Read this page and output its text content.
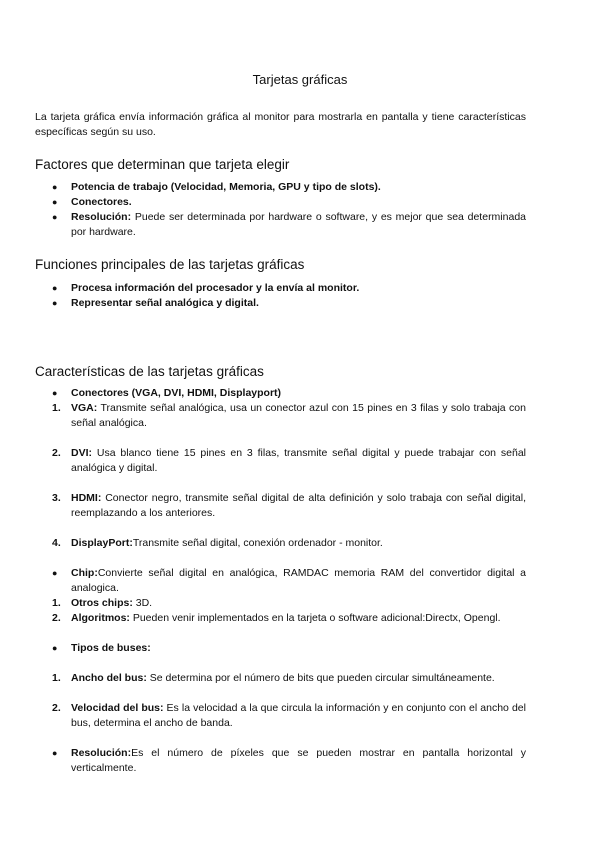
Tarjetas gráficas

La tarjeta gráfica envía información gráfica al monitor para mostrarla en pantalla y tiene características específicas según su uso.

Factores que determinan que tarjeta elegir
●	Potencia de trabajo (Velocidad, Memoria, GPU y tipo de slots).
●	Conectores.
●	Resolución: Puede ser determinada por hardware o software, y es mejor que sea determinada por hardware.
Funciones principales de las tarjetas gráficas
●	Procesa información del procesador y la envía al monitor.
●	Representar señal analógica y digital.
Características de las tarjetas gráficas
●	Conectores (VGA, DVI, HDMI, Displayport)
1. VGA: Transmite señal analógica, usa un conector azul con 15 pines en 3 filas y solo trabaja con señal analógica.
2. DVI: Usa blanco tiene 15 pines en 3 filas, transmite señal digital y puede trabajar con señal analógica y digital.
3. HDMI: Conector negro, transmite señal digital de alta definición y solo trabaja con señal digital, reemplazando a los anteriores.
4. DisplayPort:Transmite señal digital, conexión ordenador - monitor.
●	Chip:Convierte señal digital en analógica, RAMDAC memoria RAM del convertidor digital a analogica.
1. Otros chips: 3D.
2. Algoritmos: Pueden venir implementados en la tarjeta o software adicional:Directx, Opengl.
●	Tipos de buses:
1. Ancho del bus: Se determina por el número de bits que pueden circular simultáneamente.
2. Velocidad del bus: Es la velocidad a la que circula la información y en conjunto con el ancho del bus, determina el ancho de banda.
●	Resolución:Es el número de píxeles que se pueden mostrar en pantalla horizontal y verticalmente.
